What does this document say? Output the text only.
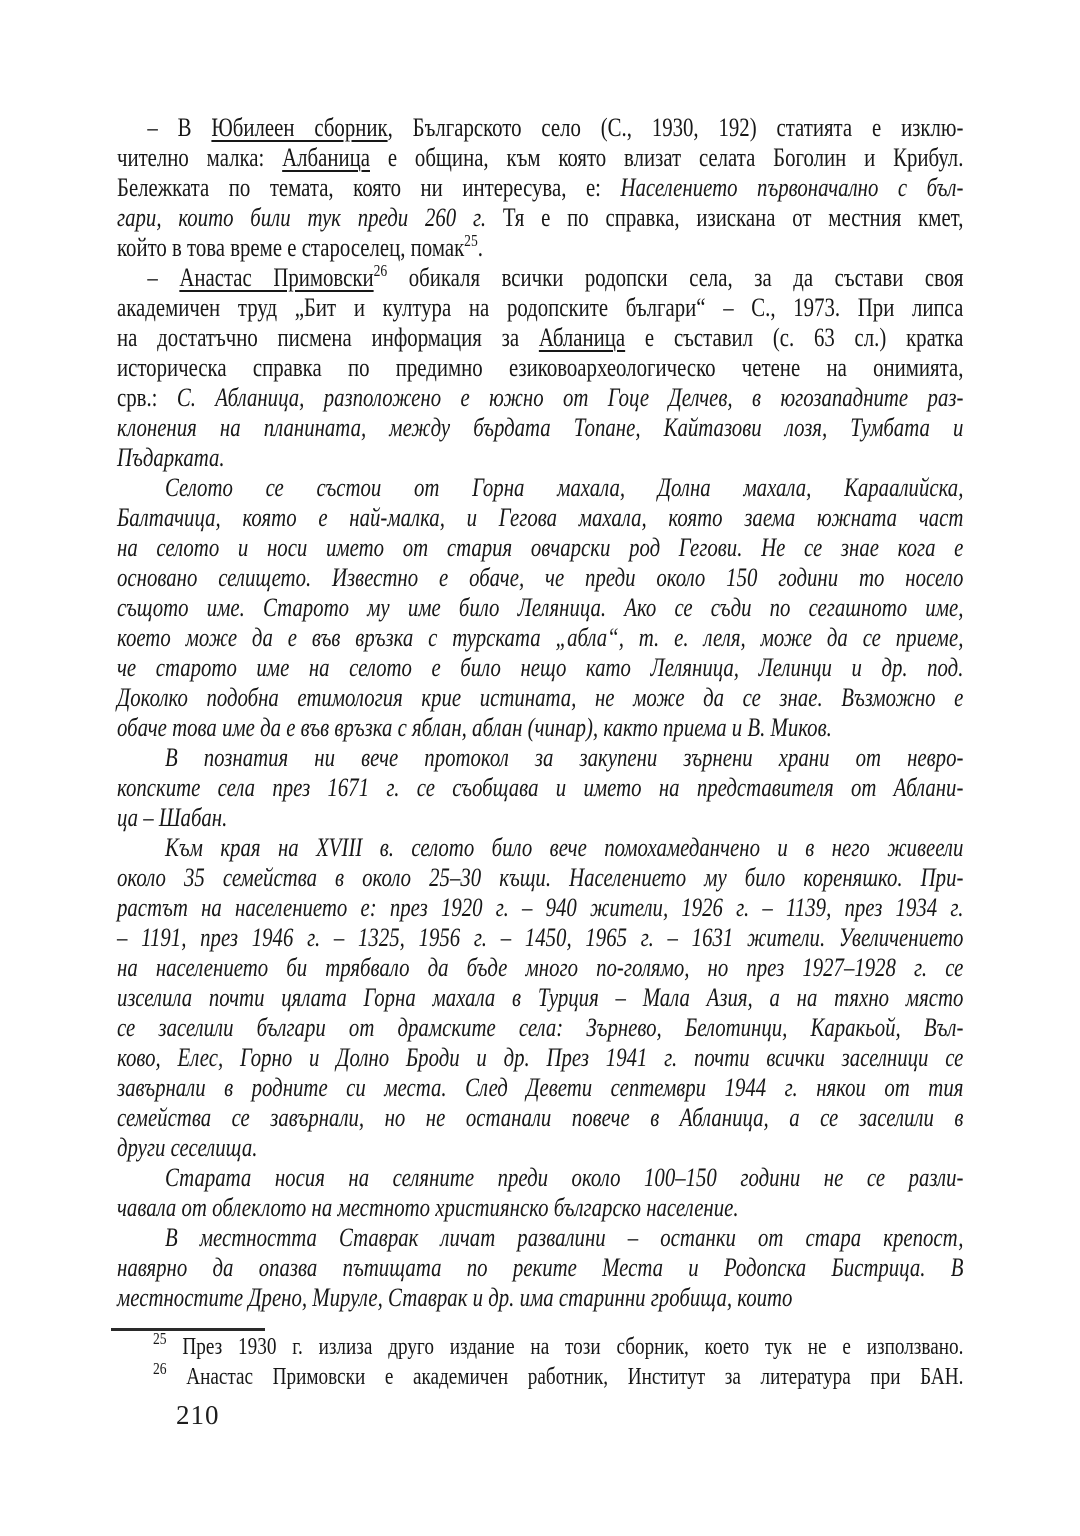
– В Юбилеен сборник, Българското село (С., 1930, 192) статията е изклю-
чително малка: Албаница е община, към която влизат селата Боголин и Крибул.
Бележката по темата, която ни интересува, е: Населението първоначално с бъл-
гари, които били тук преди 260 г. Тя е по справка, изискана от местния кмет,
който в това време е староселец, помак$^{25}$.
– Анастас Примовски$^{26}$ обикаля всички родопски села, за да състави своя
академичен труд „Бит и култура на родопските българи“ – С., 1973. При липса
на достатъчно писмена информация за Абланица е съставил (с. 63 сл.) кратка
историческа справка по предимно езиковоархеологическо четене на онимията,
срв.: С. Абланица, разположено е южно от Гоце Делчев, в югозападните раз-
клонения на планината, между бърдата Топане, Кайтазови лозя, Тумбата и
Пъдарката.
Селото се състои от Горна махала, Долна махала, Караалийска,
Балтачица, която е най-малка, и Гегова махала, която заема южната част
на селото и носи името от стария овчарски род Гегови. Не се знае кога е
основано селището. Известно е обаче, че преди около 150 години то носело
същото име. Старото му име било Леляница. Ако се съди по сегашното име,
което може да е във връзка с турската „абла“, т. е. леля, може да се приеме,
че старото име на селото е било нещо като Леляница, Лелинци и др. под.
Доколко подобна етимология крие истината, не може да се знае. Възможно е
обаче това име да е във връзка с яблан, аблан (чинар), както приема и В. Миков.
В познатия ни вече протокол за закупени зърнени храни от невро-
копските села през 1671 г. се съобщава и името на представителя от Аблани-
ца – Шабан.
Към края на XVIII в. селото било вече помохамеданчено и в него живеели
около 35 семейства в около 25–30 къщи. Населението му било кореняшко. При-
растът на населението е: през 1920 г. – 940 жители, 1926 г. – 1139, през 1934 г.
– 1191, през 1946 г. – 1325, 1956 г. – 1450, 1965 г. – 1631 жители. Увеличението
на населението би трябвало да бъде много по-голямо, но през 1927–1928 г. се
изселила почти цялата Горна махала в Турция – Мала Азия, а на тяхно място
се заселили българи от драмските села: Зърнево, Белотинци, Каракьой, Въл-
ково, Елес, Горно и Долно Броди и др. През 1941 г. почти всички заселници се
завърнали в родните си места. След Девети септември 1944 г. някои от тия
семейства се завърнали, но не останали повече в Абланица, а се заселили в
други сеселища.
Старата носия на селяните преди около 100–150 години не се разли-
чавала от облеклото на местното християнско българско население.
В местността Ставрак личат развалини – останки от стара крепост,
навярно да опазва пътищата по реките Места и Родопска Бистрица. В
местностите Дрено, Мируле, Ставрак и др. има старинни гробища, които
$^{25}$ През 1930 г. излиза друго издание на този сборник, което тук не е използвано.
$^{26}$ Анастас Примовски е академичен работник, Институт за литература при БАН.
210
